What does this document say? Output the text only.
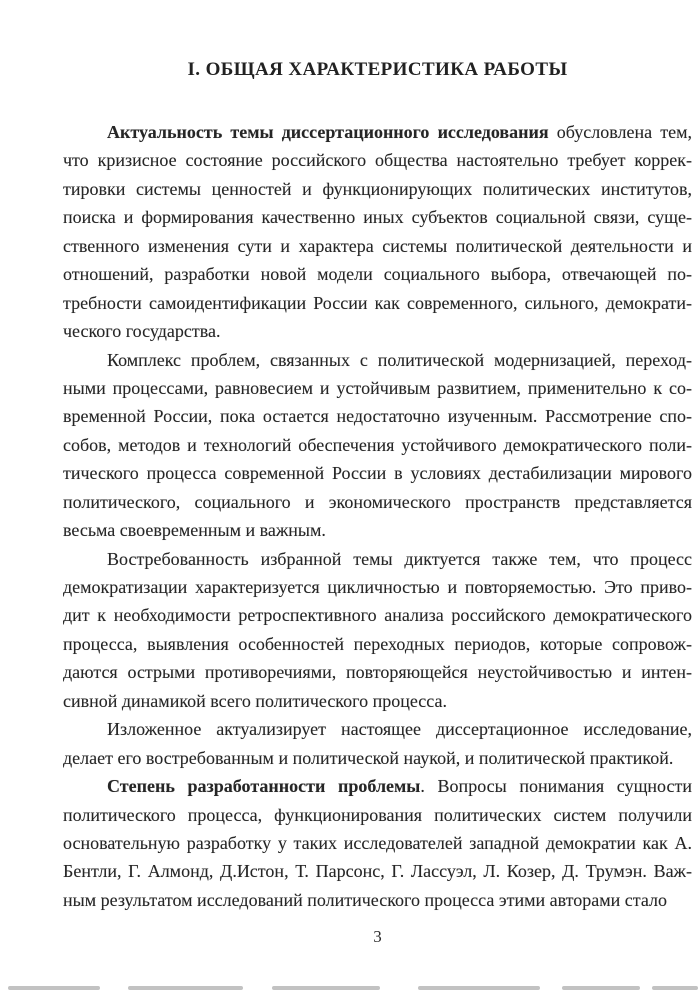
I. ОБЩАЯ ХАРАКТЕРИСТИКА РАБОТЫ
Актуальность темы диссертационного исследования обусловлена тем,
что кризисное состояние российского общества настоятельно требует коррек-
тировки системы ценностей и функционирующих политических институтов,
поиска и формирования качественно иных субъектов социальной связи, суще-
ственного изменения сути и характера системы политической деятельности и
отношений, разработки новой модели социального выбора, отвечающей по-
требности самоидентификации России как современного, сильного, демократи-
ческого государства.
Комплекс проблем, связанных с политической модернизацией, переход-
ными процессами, равновесием и устойчивым развитием, применительно к со-
временной России, пока остается недостаточно изученным. Рассмотрение спо-
собов, методов и технологий обеспечения устойчивого демократического поли-
тического процесса современной России в условиях дестабилизации мирового
политического, социального и экономического пространств представляется
весьма своевременным и важным.
Востребованность избранной темы диктуется также тем, что процесс
демократизации характеризуется цикличностью и повторяемостью. Это приво-
дит к необходимости ретроспективного анализа российского демократического
процесса, выявления особенностей переходных периодов, которые сопровож-
даются острыми противоречиями, повторяющейся неустойчивостью и интен-
сивной динамикой всего политического процесса.
Изложенное актуализирует настоящее диссертационное исследование,
делает его востребованным и политической наукой, и политической практикой.
Степень разработанности проблемы. Вопросы понимания сущности
политического процесса, функционирования политических систем получили
основательную разработку у таких исследователей западной демократии как А.
Бентли, Г. Алмонд, Д.Истон, Т. Парсонс, Г. Лассуэл, Л. Козер, Д. Трумэн. Важ-
ным результатом исследований политического процесса этими авторами стало
3
